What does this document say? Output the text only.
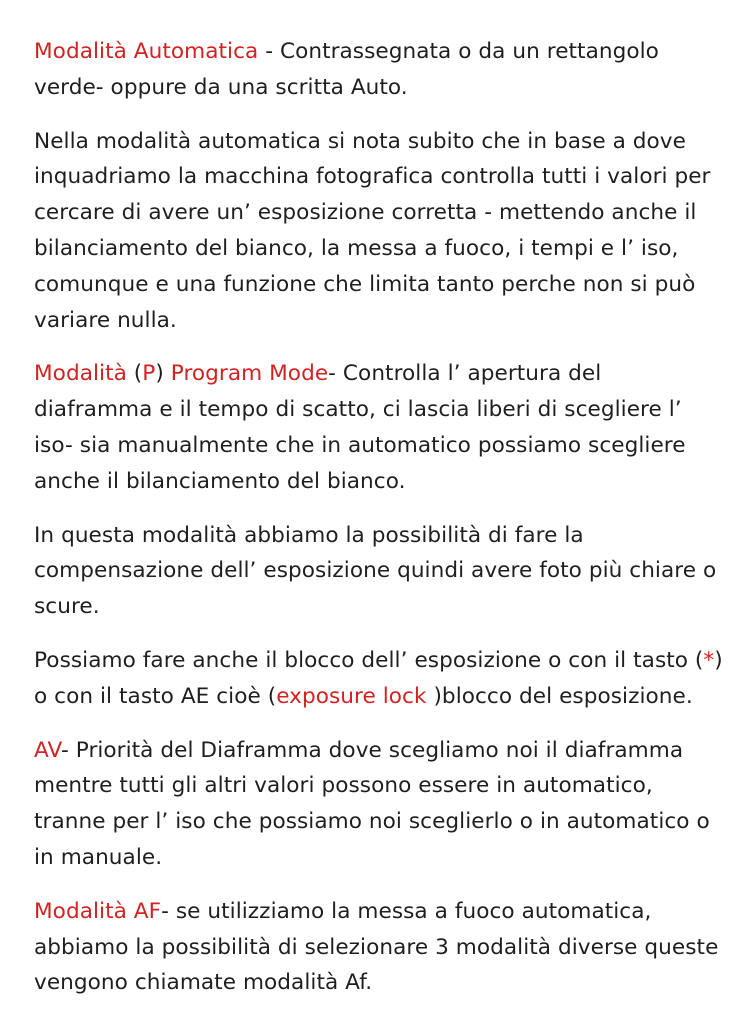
Modalità Automatica - Contrassegnata o da un rettangolo verde- oppure da una scritta Auto.

Nella modalità automatica si nota subito che in base a dove inquadriamo la macchina fotografica controlla tutti i valori per cercare di avere un’ esposizione corretta - mettendo anche il bilanciamento del bianco, la messa a fuoco, i tempi e l’ iso, comunque e una funzione che limita tanto perche non si può variare nulla.

Modalità (P) Program Mode- Controlla l’ apertura del diaframma e il tempo di scatto, ci lascia liberi di scegliere l’ iso- sia manualmente che in automatico possiamo scegliere anche il bilanciamento del bianco.

In questa modalità abbiamo la possibilità di fare la compensazione dell’ esposizione quindi avere foto più chiare o scure.

Possiamo fare anche il blocco dell’ esposizione o con il tasto (*) o con il tasto AE cioè (exposure lock )blocco del esposizione.

AV- Priorità del Diaframma dove scegliamo noi il diaframma mentre tutti gli altri valori possono essere in automatico, tranne per l’ iso che possiamo noi sceglierlo o in automatico o in manuale.

Modalità AF- se utilizziamo la messa a fuoco automatica, abbiamo la possibilità di selezionare 3 modalità diverse queste vengono chiamate modalità Af.
